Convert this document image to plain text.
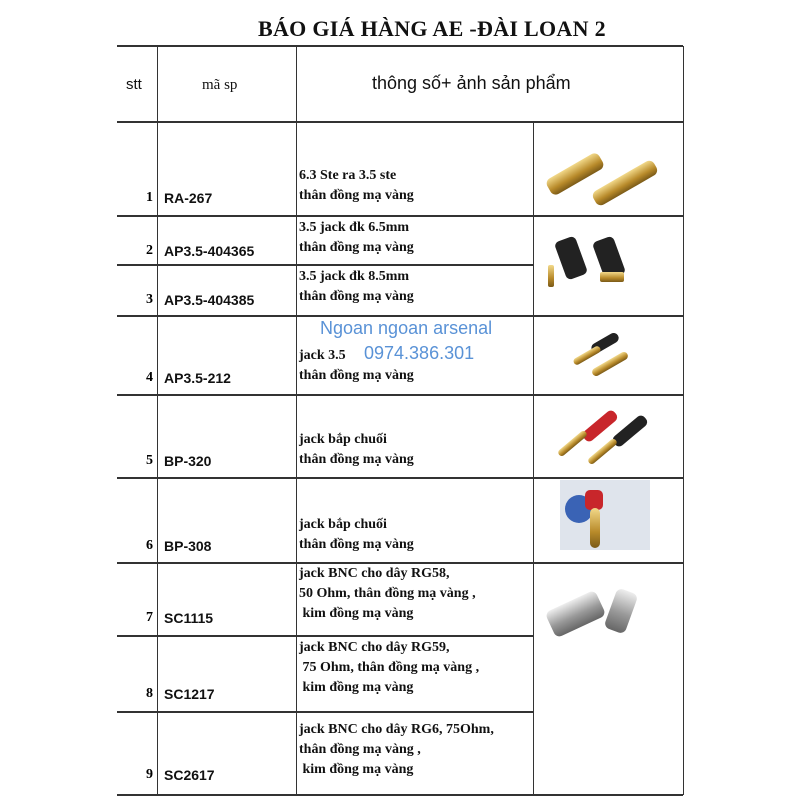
BÁO GIÁ HÀNG AE -ĐÀI LOAN 2
stt	mã sp	thông số+ ảnh sản phẩm
1 RA-267
6.3 Ste ra 3.5 ste
thân đồng mạ vàng
2 AP3.5-404365
3.5 jack đk 6.5mm
thân đồng mạ vàng
3 AP3.5-404385
3.5 jack đk 8.5mm
thân đồng mạ vàng
4 AP3.5-212
jack 3.5
thân đồng mạ vàng
5 BP-320
jack bắp chuối
thân đồng mạ vàng
6 BP-308
jack bắp chuối
thân đồng mạ vàng
7 SC1115
jack BNC cho dây RG58,
50 Ohm, thân đồng mạ vàng ,
kim đồng mạ vàng
8 SC1217
jack BNC cho dây RG59,
75 Ohm, thân đồng mạ vàng ,
kim đồng mạ vàng
9 SC2617
jack BNC cho dây RG6, 75Ohm,
thân đồng mạ vàng ,
kim đồng mạ vàng
Ngoan ngoan arsenal
0974.386.301
